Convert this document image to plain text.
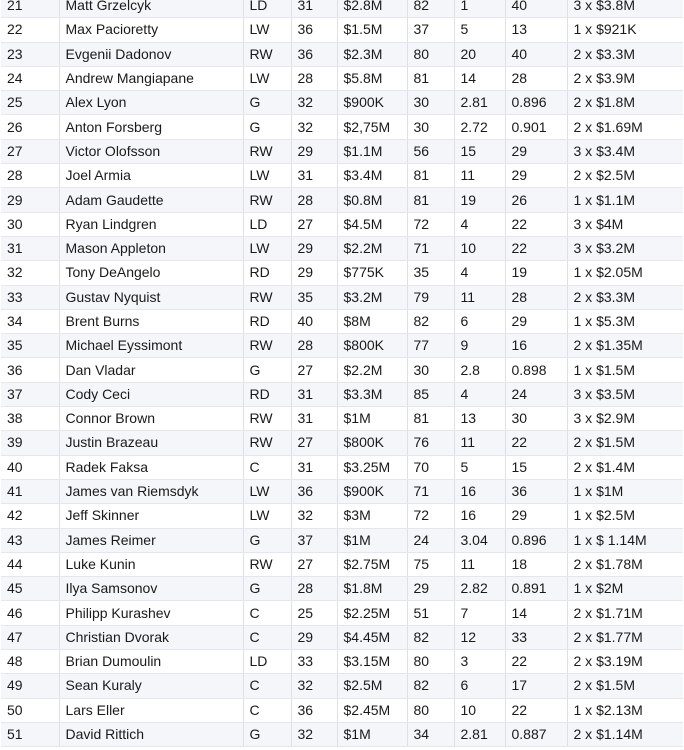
21	Matt Grzelcyk	LD	31	$2.8M	82	1	40	3 x $3.8M
22	Max Pacioretty	LW	36	$1.5M	37	5	13	1 x $921K
23	Evgenii Dadonov	RW	36	$2.3M	80	20	40	2 x $3.3M
24	Andrew Mangiapane	LW	28	$5.8M	81	14	28	2 x $3.9M
25	Alex Lyon	G	32	$900K	30	2.81	0.896	2 x $1.8M
26	Anton Forsberg	G	32	$2,75M	30	2.72	0.901	2 x $1.69M
27	Victor Olofsson	RW	29	$1.1M	56	15	29	3 x $3.4M
28	Joel Armia	LW	31	$3.4M	81	11	29	2 x $2.5M
29	Adam Gaudette	RW	28	$0.8M	81	19	26	1 x $1.1M
30	Ryan Lindgren	LD	27	$4.5M	72	4	22	3 x $4M
31	Mason Appleton	LW	29	$2.2M	71	10	22	3 x $3.2M
32	Tony DeAngelo	RD	29	$775K	35	4	19	1 x $2.05M
33	Gustav Nyquist	RW	35	$3.2M	79	11	28	2 x $3.3M
34	Brent Burns	RD	40	$8M	82	6	29	1 x $5.3M
35	Michael Eyssimont	RW	28	$800K	77	9	16	2 x $1.35M
36	Dan Vladar	G	27	$2.2M	30	2.8	0.898	1 x $1.5M
37	Cody Ceci	RD	31	$3.3M	85	4	24	3 x $3.5M
38	Connor Brown	RW	31	$1M	81	13	30	3 x $2.9M
39	Justin Brazeau	RW	27	$800K	76	11	22	2 x $1.5M
40	Radek Faksa	C	31	$3.25M	70	5	15	2 x $1.4M
41	James van Riemsdyk	LW	36	$900K	71	16	36	1 x $1M
42	Jeff Skinner	LW	32	$3M	72	16	29	1 x $2.5M
43	James Reimer	G	37	$1M	24	3.04	0.896	1 x $ 1.14M
44	Luke Kunin	RW	27	$2.75M	75	11	18	2 x $1.78M
45	Ilya Samsonov	G	28	$1.8M	29	2.82	0.891	1 x $2M
46	Philipp Kurashev	C	25	$2.25M	51	7	14	2 x $1.71M
47	Christian Dvorak	C	29	$4.45M	82	12	33	2 x $1.77M
48	Brian Dumoulin	LD	33	$3.15M	80	3	22	2 x $3.19M
49	Sean Kuraly	C	32	$2.5M	82	6	17	2 x $1.5M
50	Lars Eller	C	36	$2.45M	80	10	22	1 x $2.13M
51	David Rittich	G	32	$1M	34	2.81	0.887	2 x $1.14M
